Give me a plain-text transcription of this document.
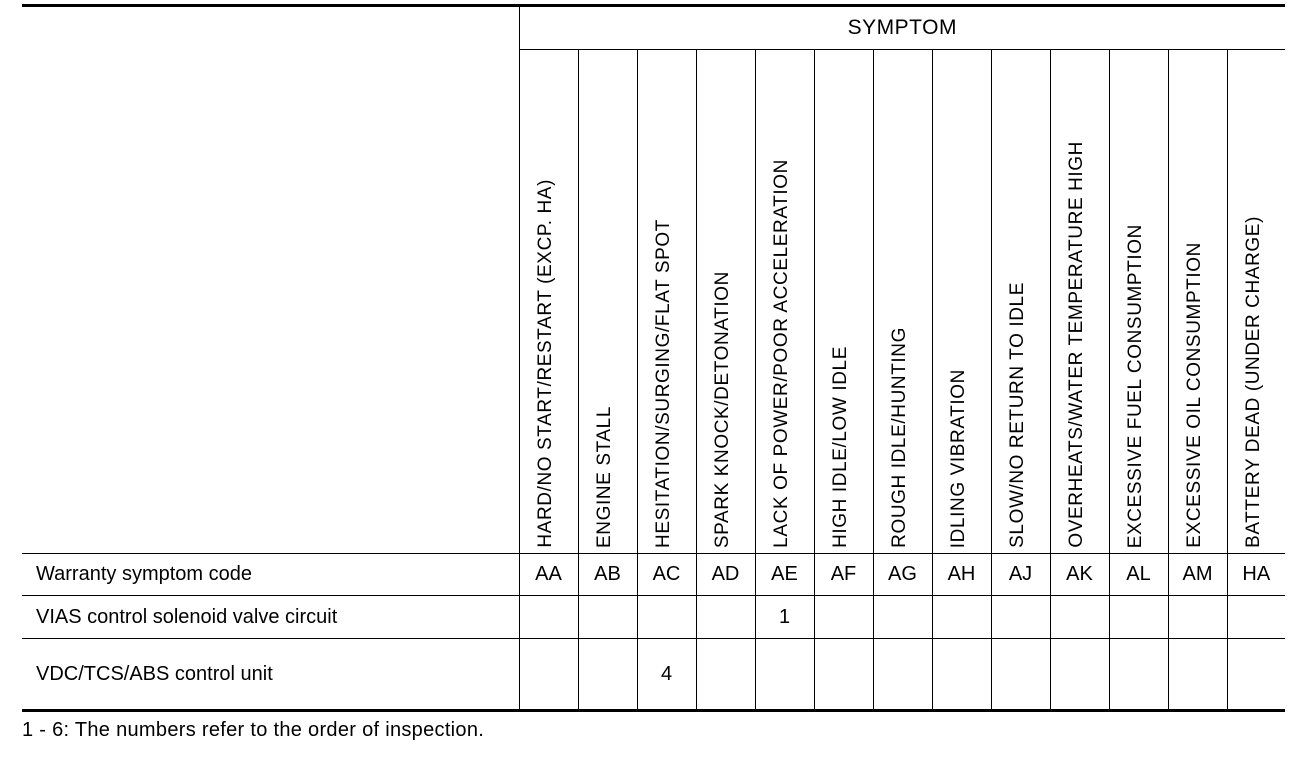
	SYMPTOM												
	HARD/NO START/RESTART (EXCP. HA)	ENGINE STALL	HESITATION/SURGING/FLAT SPOT	SPARK KNOCK/DETONATION	LACK OF POWER/POOR ACCELERATION	HIGH IDLE/LOW IDLE	ROUGH IDLE/HUNTING	IDLING VIBRATION	SLOW/NO RETURN TO IDLE	OVERHEATS/WATER TEMPERATURE HIGH	EXCESSIVE FUEL CONSUMPTION	EXCESSIVE OIL CONSUMPTION	BATTERY DEAD (UNDER CHARGE)
Warranty symptom code	AA	AB	AC	AD	AE	AF	AG	AH	AJ	AK	AL	AM	HA
VIAS control solenoid valve circuit					1								
VDC/TCS/ABS control unit			4										
1 - 6: The numbers refer to the order of inspection.
